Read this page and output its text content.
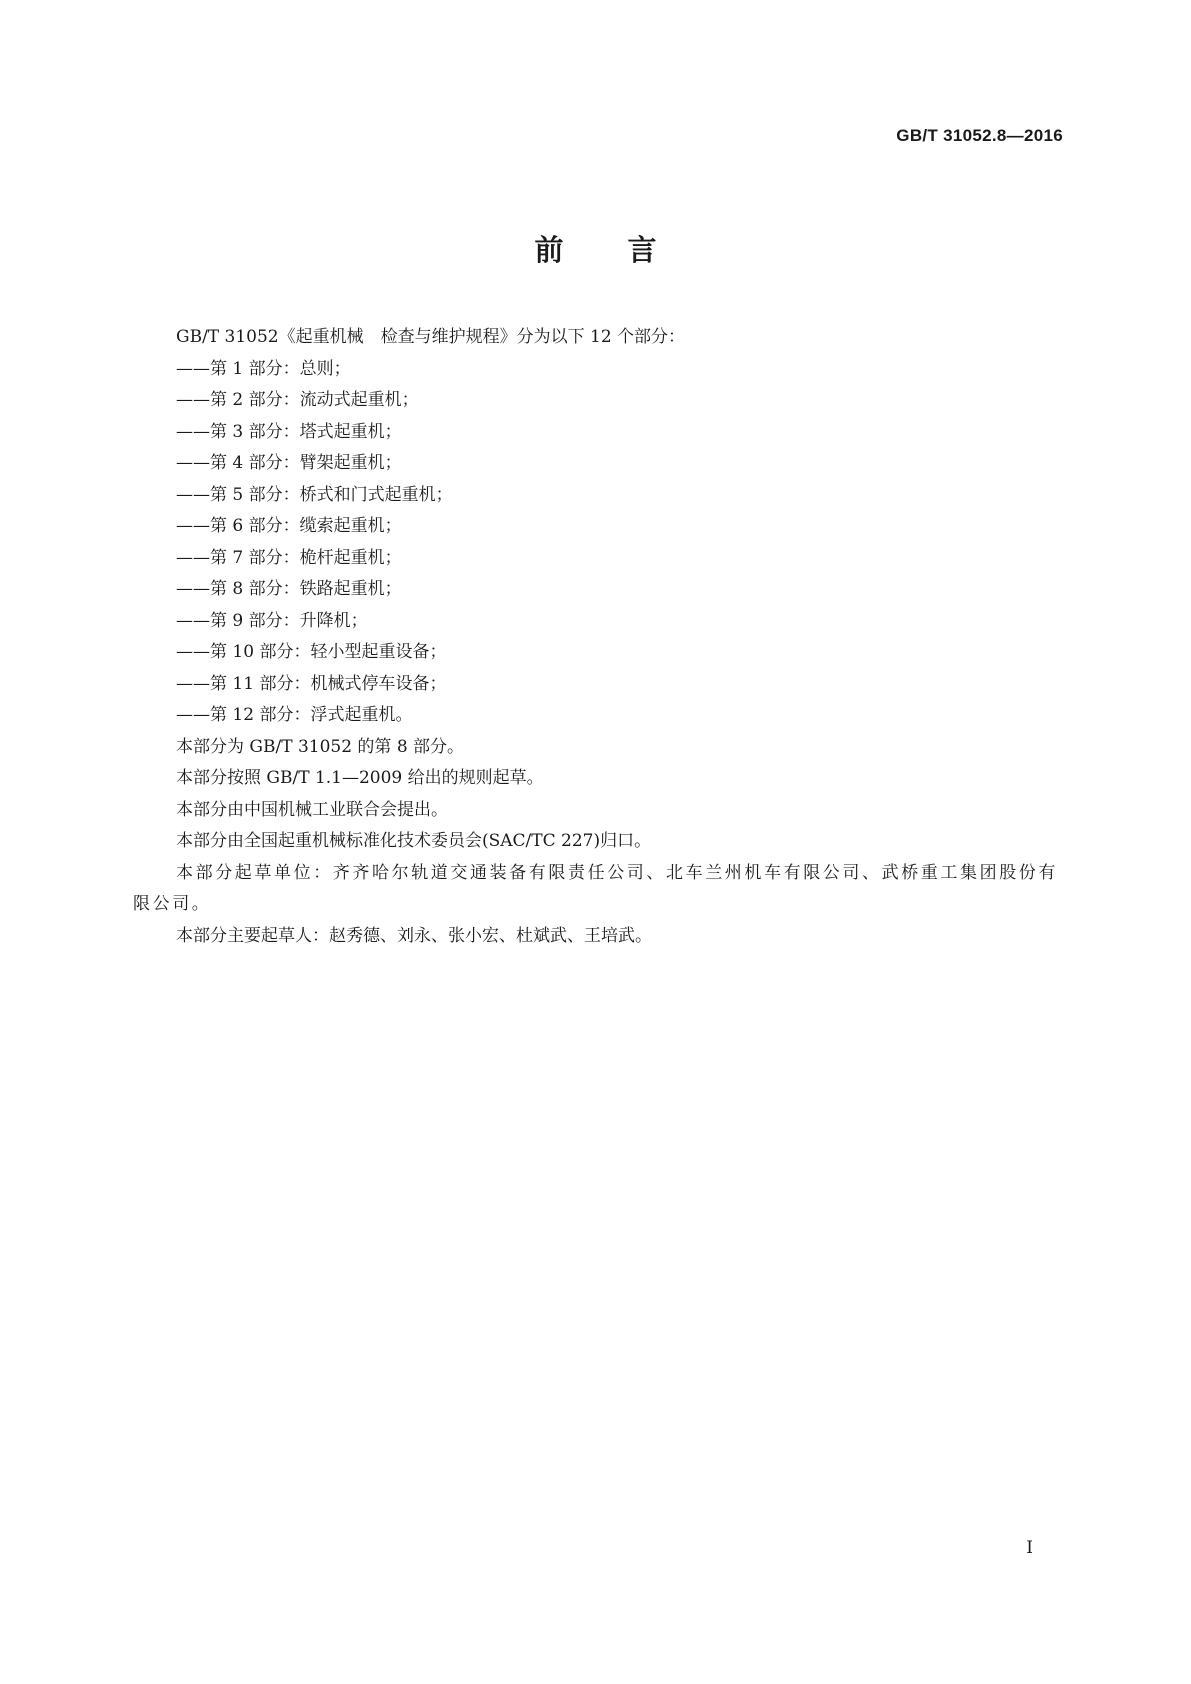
GB/T 31052.8—2016
前言
GB/T 31052《起重机械　检查与维护规程》分为以下 12 个部分：
——第 1 部分：总则；
——第 2 部分：流动式起重机；
——第 3 部分：塔式起重机；
——第 4 部分：臂架起重机；
——第 5 部分：桥式和门式起重机；
——第 6 部分：缆索起重机；
——第 7 部分：桅杆起重机；
——第 8 部分：铁路起重机；
——第 9 部分：升降机；
——第 10 部分：轻小型起重设备；
——第 11 部分：机械式停车设备；
——第 12 部分：浮式起重机。
本部分为 GB/T 31052 的第 8 部分。
本部分按照 GB/T 1.1—2009 给出的规则起草。
本部分由中国机械工业联合会提出。
本部分由全国起重机械标准化技术委员会(SAC/TC 227)归口。
本部分起草单位：齐齐哈尔轨道交通装备有限责任公司、北车兰州机车有限公司、武桥重工集团股份有限公司。
本部分主要起草人：赵秀德、刘永、张小宏、杜斌武、王培武。
I
